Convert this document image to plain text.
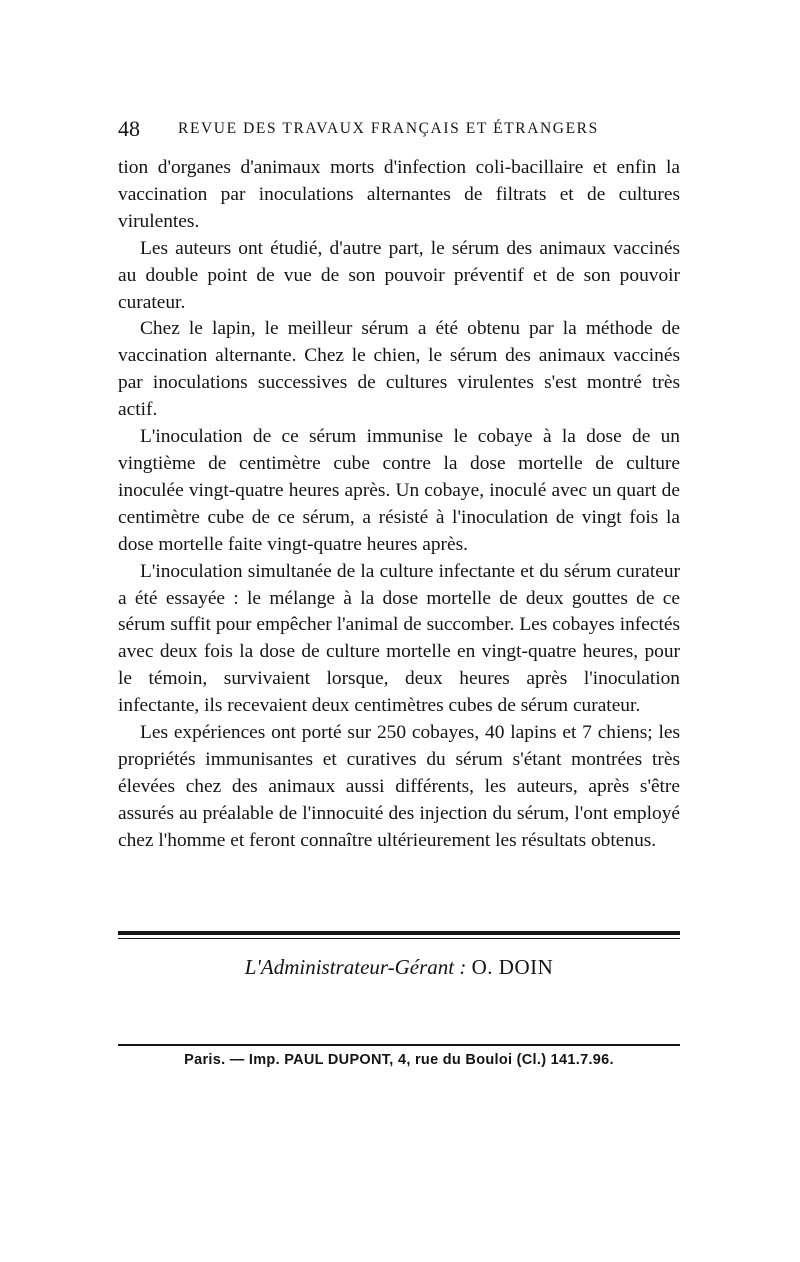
48 REVUE DES TRAVAUX FRANÇAIS ET ÉTRANGERS

tion d'organes d'animaux morts d'infection coli-bacillaire et enfin la vaccination par inoculations alternantes de filtrats et de cultures virulentes.

Les auteurs ont étudié, d'autre part, le sérum des animaux vaccinés au double point de vue de son pouvoir préventif et de son pouvoir curateur.

Chez le lapin, le meilleur sérum a été obtenu par la méthode de vaccination alternante. Chez le chien, le sérum des animaux vaccinés par inoculations successives de cultures virulentes s'est montré très actif.

L'inoculation de ce sérum immunise le cobaye à la dose de un vingtième de centimètre cube contre la dose mortelle de culture inoculée vingt-quatre heures après. Un cobaye, inoculé avec un quart de centimètre cube de ce sérum, a résisté à l'inoculation de vingt fois la dose mortelle faite vingt-quatre heures après.

L'inoculation simultanée de la culture infectante et du sérum curateur a été essayée : le mélange à la dose mortelle de deux gouttes de ce sérum suffit pour empêcher l'animal de succomber. Les cobayes infectés avec deux fois la dose de culture mortelle en vingt-quatre heures, pour le témoin, survivaient lorsque, deux heures après l'inoculation infectante, ils recevaient deux centimètres cubes de sérum curateur.

Les expériences ont porté sur 250 cobayes, 40 lapins et 7 chiens; les propriétés immunisantes et curatives du sérum s'étant montrées très élevées chez des animaux aussi différents, les auteurs, après s'être assurés au préalable de l'innocuité des injection du sérum, l'ont employé chez l'homme et feront connaître ultérieurement les résultats obtenus.

L'Administrateur-Gérant : O. DOIN
Paris. — Imp. PAUL DUPONT, 4, rue du Bouloi (Cl.) 141.7.96.
